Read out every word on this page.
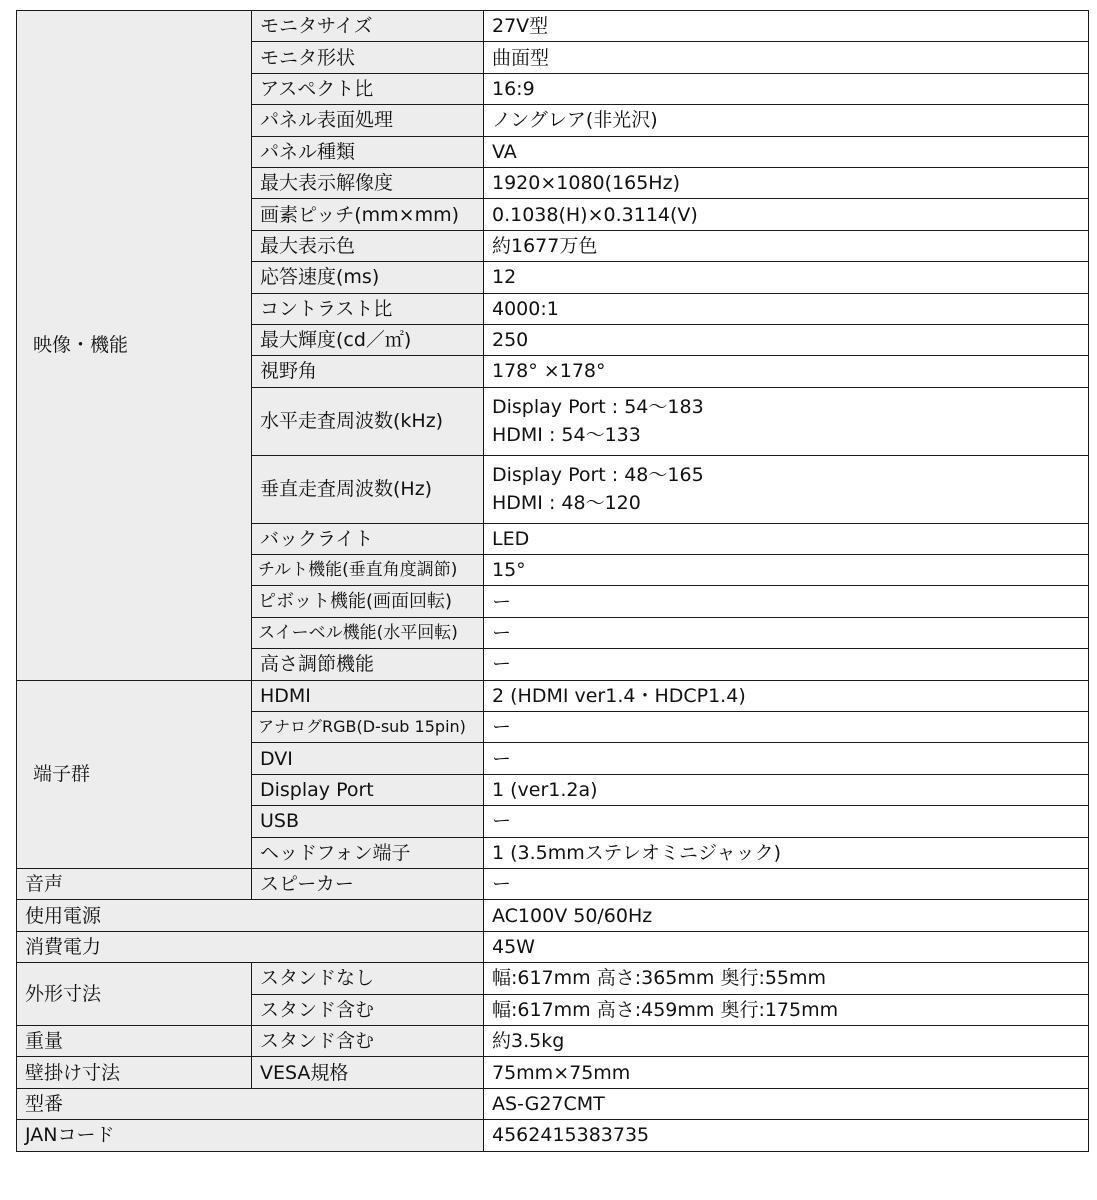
映像・機能	モニタサイズ	27V型
	モニタ形状	曲面型
	アスペクト比	16:9
	パネル表面処理	ノングレア(非光沢)
	パネル種類	VA
	最大表示解像度	1920×1080(165Hz)
	画素ピッチ(mm×mm)	0.1038(H)×0.3114(V)
	最大表示色	約1677万色
	応答速度(ms)	12
	コントラスト比	4000:1
	最大輝度(cd／㎡)	250
	視野角	178° ×178°
	水平走査周波数(kHz)	Display Port : 54〜183
HDMI : 54〜133

	垂直走査周波数(Hz)	Display Port : 48〜165
HDMI : 48〜120

	バックライト	LED
	チルト機能(垂直角度調節)	15°
	ピボット機能(画面回転)	ー
	スイーベル機能(水平回転)	ー
	高さ調節機能	ー
端子群	HDMI	2 (HDMI ver1.4・HDCP1.4)
	アナログRGB(D-sub 15pin)	ー
	DVI	ー
	Display Port	1 (ver1.2a)
	USB	ー
	ヘッドフォン端子	1 (3.5mmステレオミニジャック)
音声	スピーカー	ー
使用電源		AC100V 50/60Hz
消費電力		45W
外形寸法	スタンドなし	幅:617mm 高さ:365mm 奥行:55mm
	スタンド含む	幅:617mm 高さ:459mm 奥行:175mm
重量	スタンド含む	約3.5kg
壁掛け寸法	VESA規格	75mm×75mm
型番		AS-G27CMT
JANコード		4562415383735
